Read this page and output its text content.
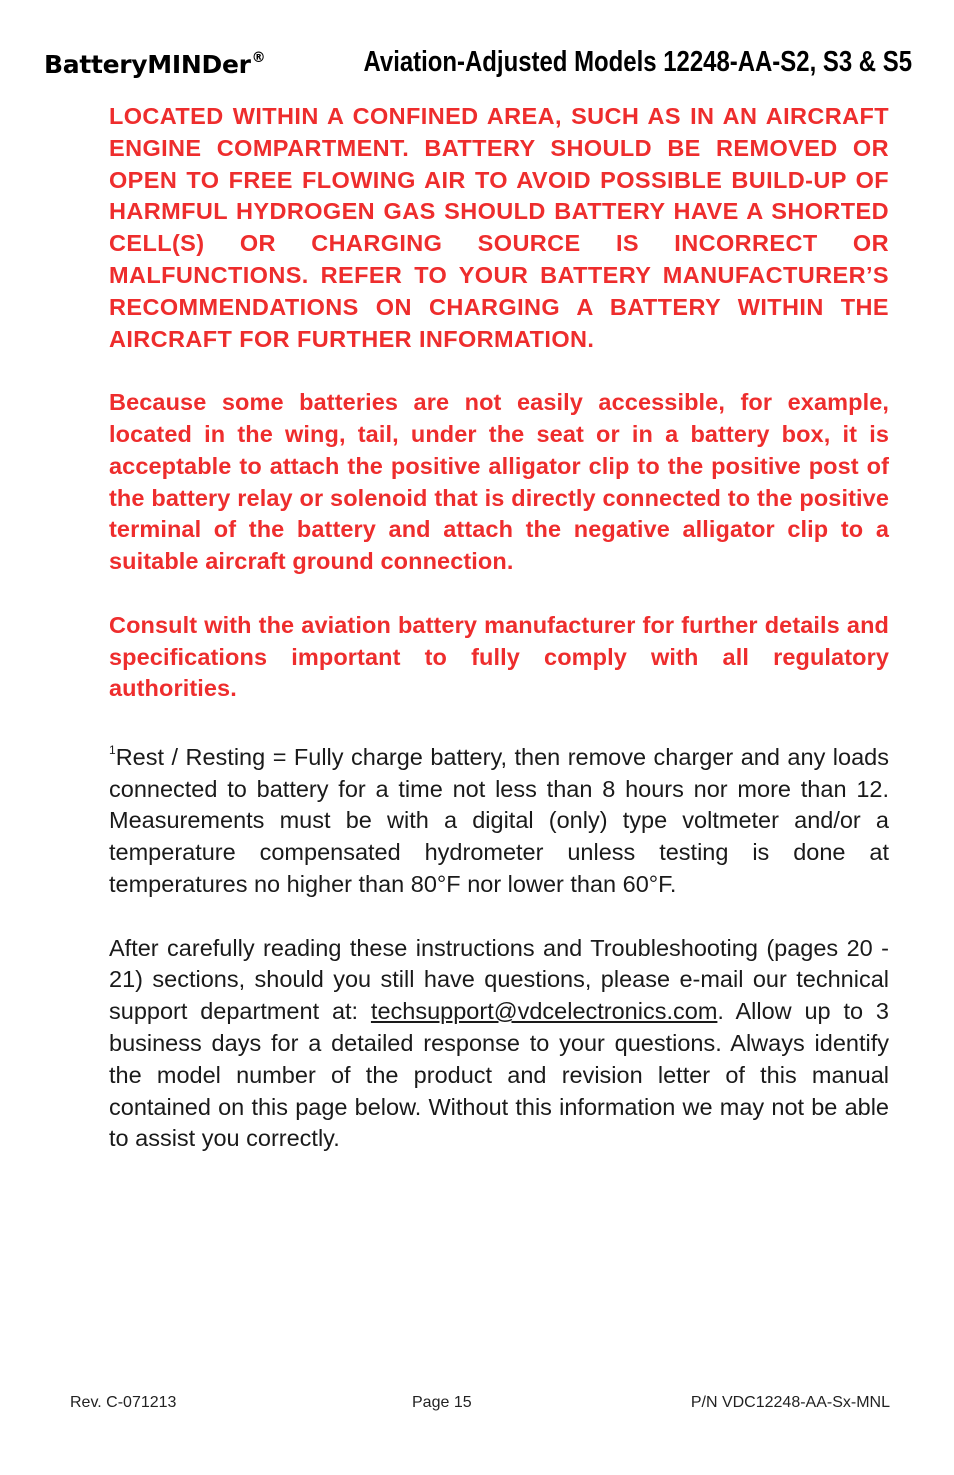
BatteryMINDer®	Aviation-Adjusted Models 12248-AA-S2, S3 & S5

LOCATED WITHIN A CONFINED AREA, SUCH AS IN AN AIRCRAFT ENGINE COMPARTMENT. BATTERY SHOULD BE REMOVED OR OPEN TO FREE FLOWING AIR TO AVOID POSSIBLE BUILD-UP OF HARMFUL HYDROGEN GAS SHOULD BATTERY HAVE A SHORTED CELL(S) OR CHARGING SOURCE IS INCORRECT OR MALFUNCTIONS. REFER TO YOUR BATTERY MANUFACTURER’S RECOMMENDATIONS ON CHARGING A BATTERY WITHIN THE AIRCRAFT FOR FURTHER INFORMATION.

Because some batteries are not easily accessible, for example, located in the wing, tail, under the seat or in a battery box, it is acceptable to attach the positive alligator clip to the positive post of the battery relay or solenoid that is directly connected to the positive terminal of the battery and attach the negative alligator clip to a suitable aircraft ground connection.

Consult with the aviation battery manufacturer for further details and specifications important to fully comply with all regulatory authorities.

$^1$Rest / Resting = Fully charge battery, then remove charger and any loads connected to battery for a time not less than 8 hours nor more than 12. Measurements must be with a digital (only) type voltmeter and/or a temperature compensated hydrometer unless testing is done at temperatures no higher than 80°F nor lower than 60°F.

After carefully reading these instructions and Troubleshooting (pages 20 - 21) sections, should you still have questions, please e-mail our technical support department at: techsupport@vdcelectronics.com. Allow up to 3 business days for a detailed response to your questions. Always identify the model number of the product and revision letter of this manual contained on this page below. Without this information we may not be able to assist you correctly.

Rev. C-071213	Page 15	P/N VDC12248-AA-Sx-MNL
